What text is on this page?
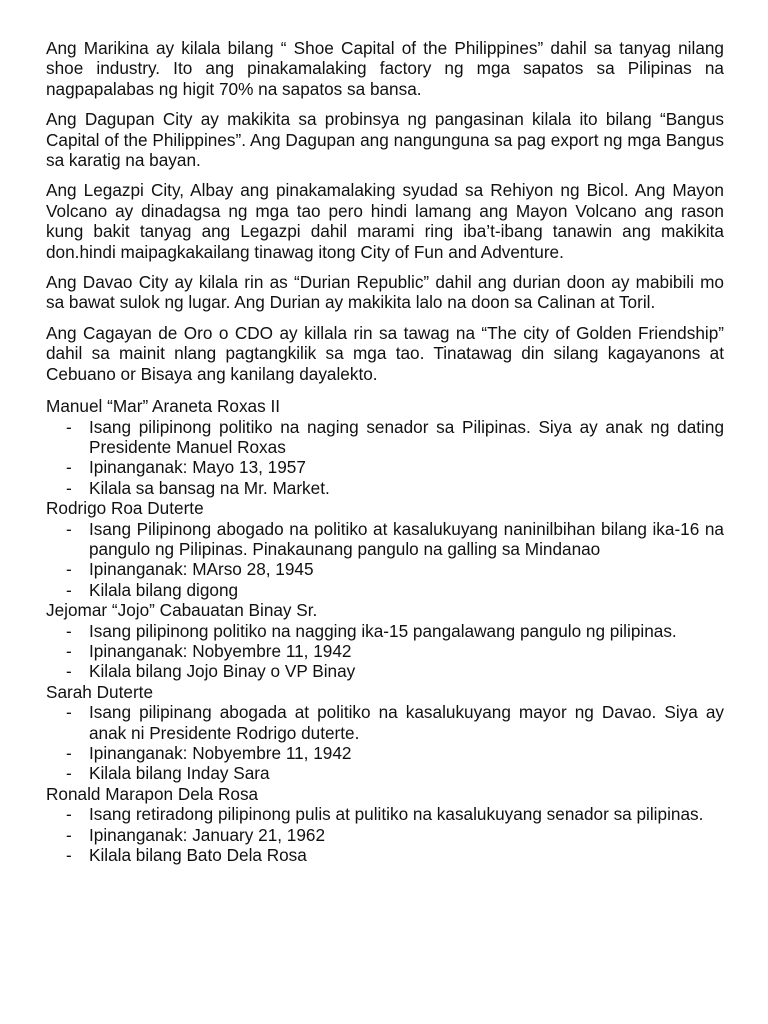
Ang Marikina ay kilala bilang “ Shoe Capital of the Philippines” dahil sa tanyag nilang shoe industry. Ito ang pinakamalaking factory ng mga sapatos sa Pilipinas na nagpapalabas ng higit 70% na sapatos sa bansa.

Ang Dagupan City ay makikita sa probinsya ng pangasinan kilala ito bilang “Bangus Capital of the Philippines”. Ang Dagupan ang nangunguna sa pag export ng mga Bangus sa karatig na bayan.

Ang Legazpi City, Albay ang pinakamalaking syudad sa Rehiyon ng Bicol. Ang Mayon Volcano ay dinadagsa ng mga tao pero hindi lamang ang Mayon Volcano ang rason kung bakit tanyag ang Legazpi dahil marami ring iba’t-ibang tanawin ang makikita don.hindi maipagkakailang tinawag itong City of Fun and Adventure.

Ang Davao City ay kilala rin as “Durian Republic” dahil ang durian doon ay mabibili mo sa bawat sulok ng lugar. Ang Durian ay makikita lalo na doon sa Calinan at Toril.

Ang Cagayan de Oro o CDO ay killala rin sa tawag na “The city of Golden Friendship” dahil sa mainit nlang pagtangkilik sa mga tao. Tinatawag din silang kagayanons at Cebuano or Bisaya ang kanilang dayalekto.

Manuel “Mar” Araneta Roxas II
- Isang pilipinong politiko na naging senador sa Pilipinas. Siya ay anak ng dating Presidente Manuel Roxas
- Ipinanganak: Mayo 13, 1957
- Kilala sa bansag na Mr. Market.
Rodrigo Roa Duterte
- Isang Pilipinong abogado na politiko at kasalukuyang naninilbihan bilang ika-16 na pangulo ng Pilipinas. Pinakaunang pangulo na galling sa Mindanao
- Ipinanganak: MArso 28, 1945
- Kilala bilang digong
Jejomar “Jojo” Cabauatan Binay Sr.
- Isang pilipinong politiko na nagging ika-15 pangalawang pangulo ng pilipinas.
- Ipinanganak: Nobyembre 11, 1942
- Kilala bilang Jojo Binay o VP Binay
Sarah Duterte
- Isang pilipinang abogada at politiko na kasalukuyang mayor ng Davao. Siya ay anak ni Presidente Rodrigo duterte.
- Ipinanganak: Nobyembre 11, 1942
- Kilala bilang Inday Sara
Ronald Marapon Dela Rosa
- Isang retiradong pilipinong pulis at pulitiko na kasalukuyang senador sa pilipinas.
- Ipinanganak: January 21, 1962
- Kilala bilang Bato Dela Rosa
